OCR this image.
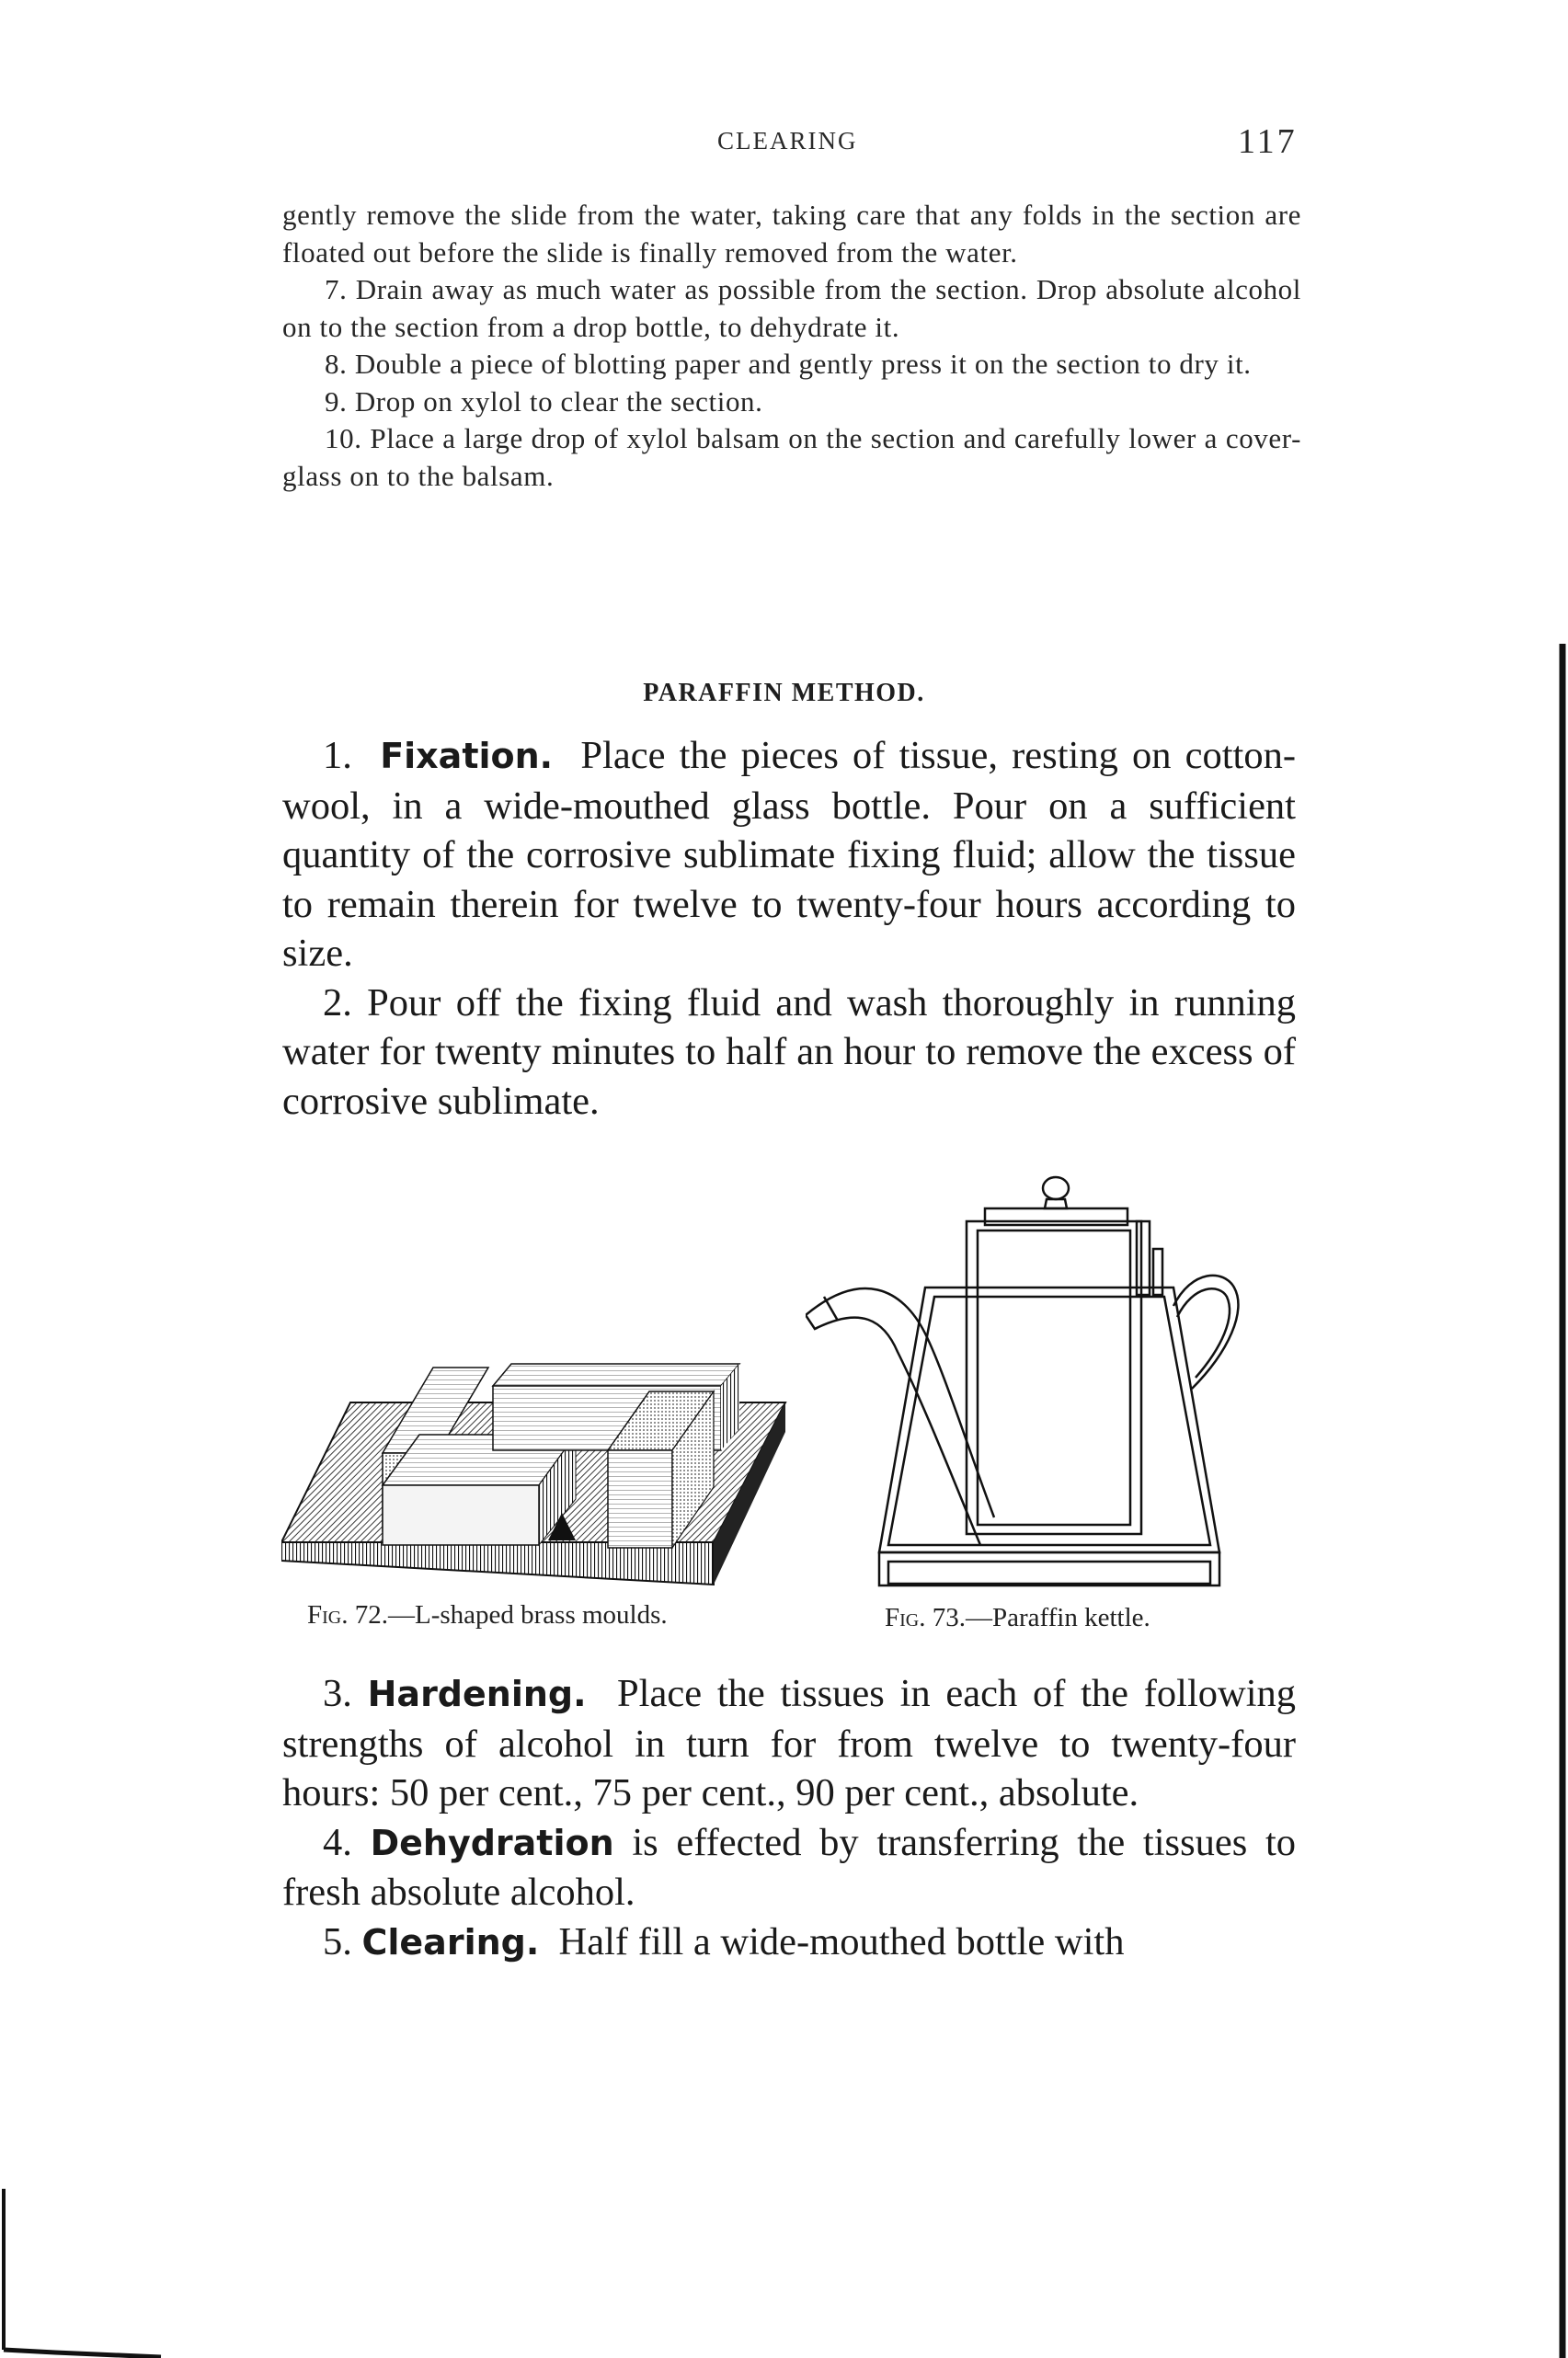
CLEARING	117

gently remove the slide from the water, taking care that any folds in the section are floated out before the slide is finally removed from the water.

7. Drain away as much water as possible from the section. Drop absolute alcohol on to the section from a drop bottle, to dehydrate it.

8. Double a piece of blotting paper and gently press it on the section to dry it.

9. Drop on xylol to clear the section.

10. Place a large drop of xylol balsam on the section and carefully lower a cover-glass on to the balsam.

PARAFFIN METHOD.

1. Fixation. Place the pieces of tissue, resting on cotton-wool, in a wide-mouthed glass bottle. Pour on a sufficient quantity of the corrosive sublimate fixing fluid; allow the tissue to remain therein for twelve to twenty-four hours according to size.

2. Pour off the fixing fluid and wash thoroughly in running water for twenty minutes to half an hour to remove the excess of corrosive sublimate.

Fig. 72.—L-shaped brass moulds.	Fig. 73.—Paraffin kettle.

3. Hardening. Place the tissues in each of the following strengths of alcohol in turn for from twelve to twenty-four hours: 50 per cent., 75 per cent., 90 per cent., absolute.

4. Dehydration is effected by transferring the tissues to fresh absolute alcohol.

5. Clearing. Half fill a wide-mouthed bottle with
